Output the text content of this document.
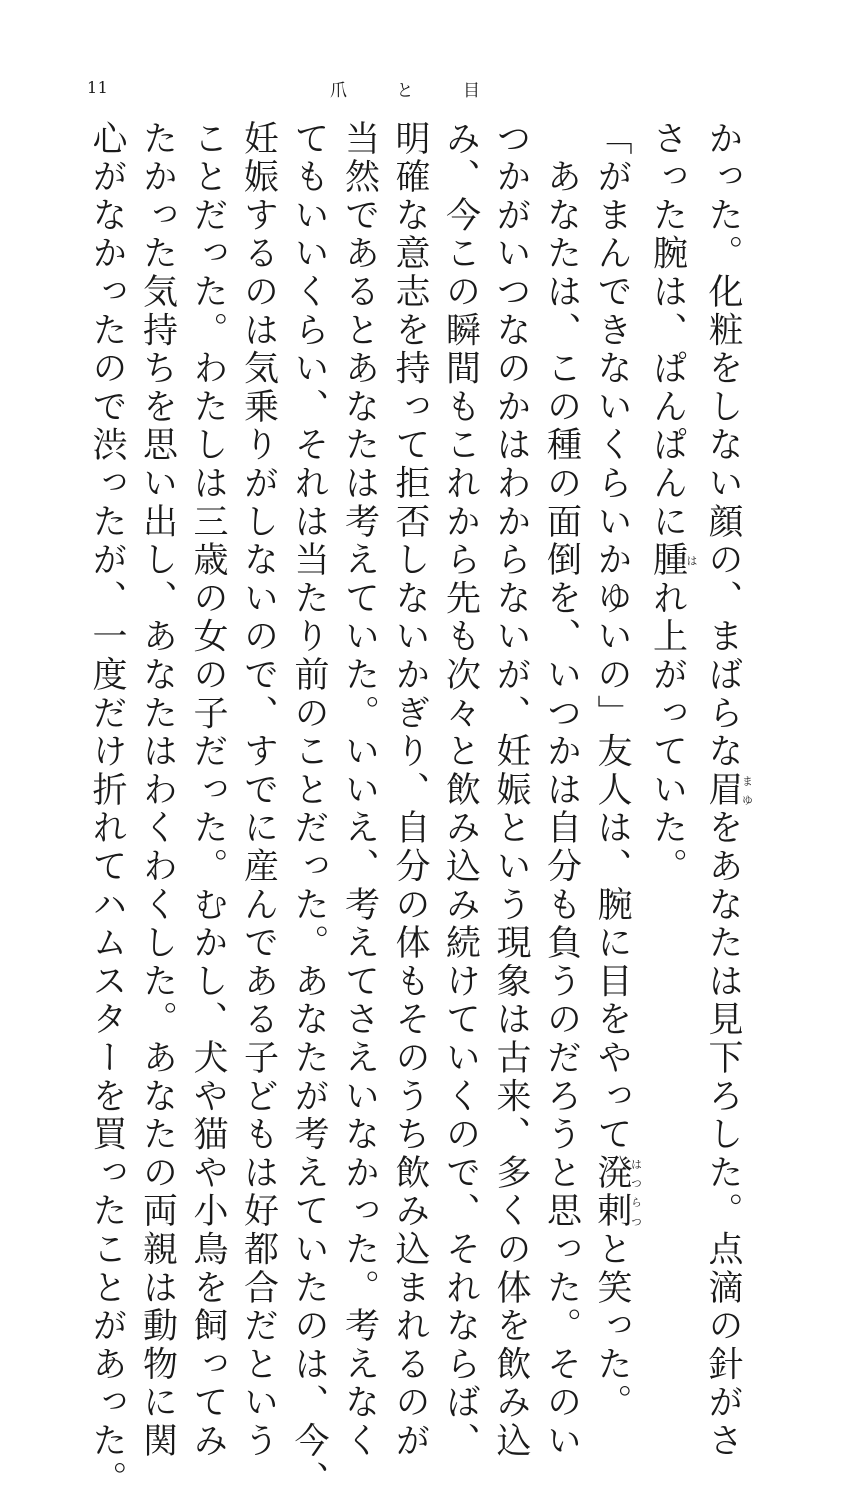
11	爪	と	目
かった。化粧をしない顔の、まばらな眉まゆをあなたは見下ろした。点滴の針がさ
さった腕は、ぱんぱんに腫はれ上がっていた。
「がまんできないくらいかゆいの」友人は、腕に目をやって溌剌はつらつと笑った。
　あなたは、この種の面倒を、いつかは自分も負うのだろうと思った。そのい
つかがいつなのかはわからないが、妊娠という現象は古来、多くの体を飲み込
み、今この瞬間もこれから先も次々と飲み込み続けていくので、それならば、
明確な意志を持って拒否しないかぎり、自分の体もそのうち飲み込まれるのが
当然であるとあなたは考えていた。いいえ、考えてさえいなかった。考えなく
てもいいくらい、それは当たり前のことだった。あなたが考えていたのは、今、
妊娠するのは気乗りがしないので、すでに産んである子どもは好都合だという
ことだった。わたしは三歳の女の子だった。むかし、犬や猫や小鳥を飼ってみ
たかった気持ちを思い出し、あなたはわくわくした。あなたの両親は動物に関
心がなかったので渋ったが、一度だけ折れてハムスターを買ったことがあった。
